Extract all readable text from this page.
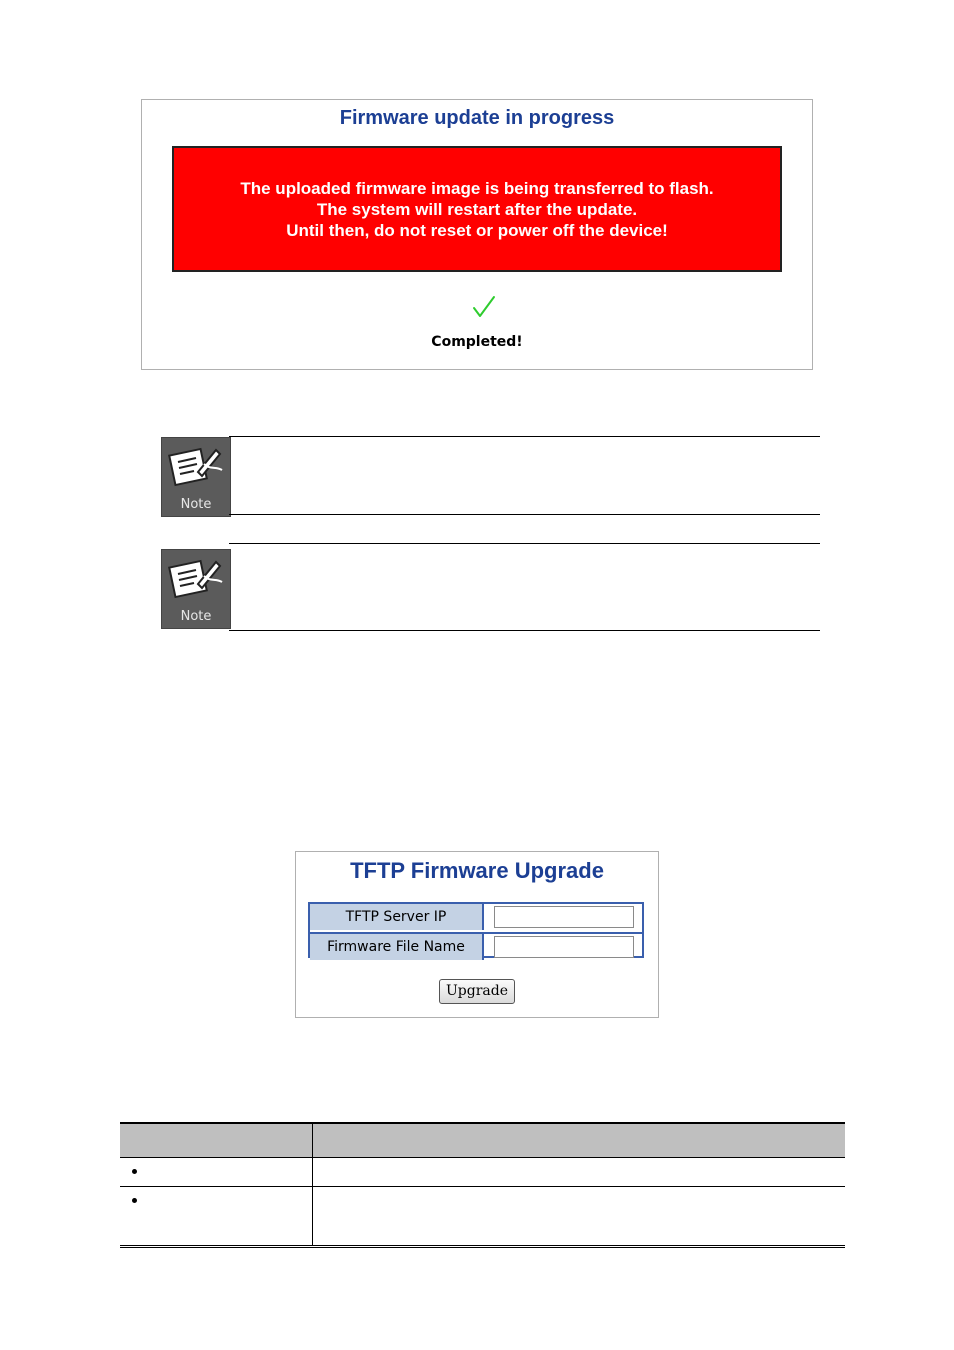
Firmware update in progress
The uploaded firmware image is being transferred to flash.
The system will restart after the update.
Until then, do not reset or power off the device!
Completed!
Note
Note
TFTP Firmware Upgrade
TFTP Server IP
Firmware File Name
Upgrade
